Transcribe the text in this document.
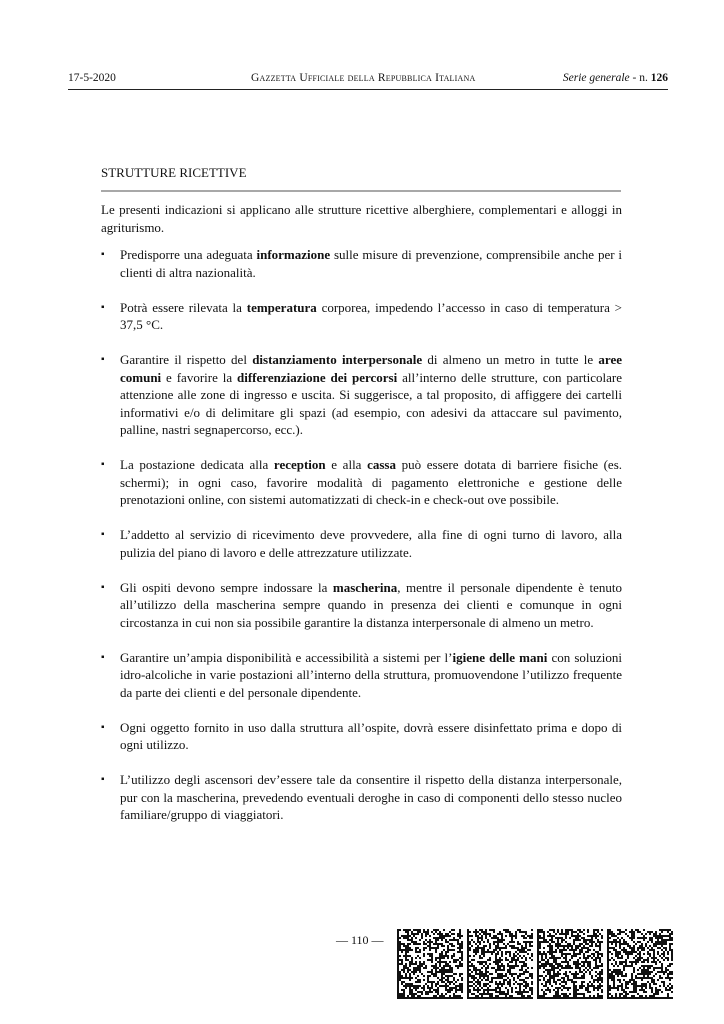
17-5-2020	Gazzetta Ufficiale della Repubblica Italiana	Serie generale - n. 126
STRUTTURE RICETTIVE
Le presenti indicazioni si applicano alle strutture ricettive alberghiere, complementari e alloggi in agriturismo.
▪ Predisporre una adeguata informazione sulle misure di prevenzione, comprensibile anche per i clienti di altra nazionalità.
▪ Potrà essere rilevata la temperatura corporea, impedendo l’accesso in caso di temperatura > 37,5 °C.
▪ Garantire il rispetto del distanziamento interpersonale di almeno un metro in tutte le aree comuni e favorire la differenziazione dei percorsi all’interno delle strutture, con particolare attenzione alle zone di ingresso e uscita. Si suggerisce, a tal proposito, di affiggere dei cartelli informativi e/o di delimitare gli spazi (ad esempio, con adesivi da attaccare sul pavimento, palline, nastri segnapercorso, ecc.).
▪ La postazione dedicata alla reception e alla cassa può essere dotata di barriere fisiche (es. schermi); in ogni caso, favorire modalità di pagamento elettroniche e gestione delle prenotazioni online, con sistemi automatizzati di check-in e check-out ove possibile.
▪ L’addetto al servizio di ricevimento deve provvedere, alla fine di ogni turno di lavoro, alla pulizia del piano di lavoro e delle attrezzature utilizzate.
▪ Gli ospiti devono sempre indossare la mascherina, mentre il personale dipendente è tenuto all’utilizzo della mascherina sempre quando in presenza dei clienti e comunque in ogni circostanza in cui non sia possibile garantire la distanza interpersonale di almeno un metro.
▪ Garantire un’ampia disponibilità e accessibilità a sistemi per l’igiene delle mani con soluzioni idro-alcoliche in varie postazioni all’interno della struttura, promuovendone l’utilizzo frequente da parte dei clienti e del personale dipendente.
▪ Ogni oggetto fornito in uso dalla struttura all’ospite, dovrà essere disinfettato prima e dopo di ogni utilizzo.
▪ L’utilizzo degli ascensori dev’essere tale da consentire il rispetto della distanza interpersonale, pur con la mascherina, prevedendo eventuali deroghe in caso di componenti dello stesso nucleo familiare/gruppo di viaggiatori.
— 110 —
